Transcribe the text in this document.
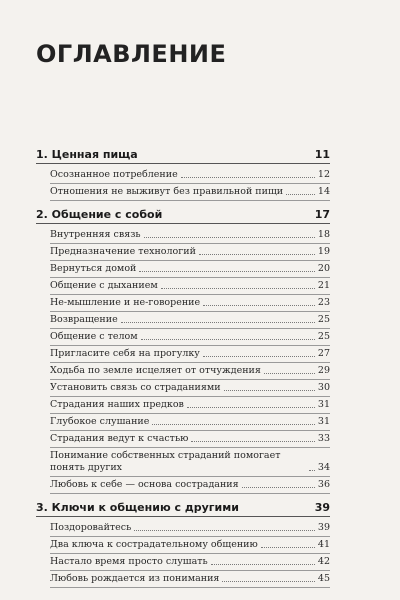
ОГЛАВЛЕНИЕ
1. Ценная пища	11
Осознанное потребление	12
Отношения не выживут без правильной пищи	14
2. Общение с собой	17
Внутренняя связь	18
Предназначение технологий	19
Вернуться домой	20
Общение с дыханием	21
Не-мышление и не-говорение	23
Возвращение	25
Общение с телом	25
Пригласите себя на прогулку	27
Ходьба по земле исцеляет от отчуждения	29
Установить связь со страданиями	30
Страдания наших предков	31
Глубокое слушание	31
Страдания ведут к счастью	33
Понимание собственных страданий помогает понять других	34
Любовь к себе — основа сострадания	36
3. Ключи к общению с другими	39
Поздоровайтесь	39
Два ключа к сострадательному общению	41
Настало время просто слушать	42
Любовь рождается из понимания	45
